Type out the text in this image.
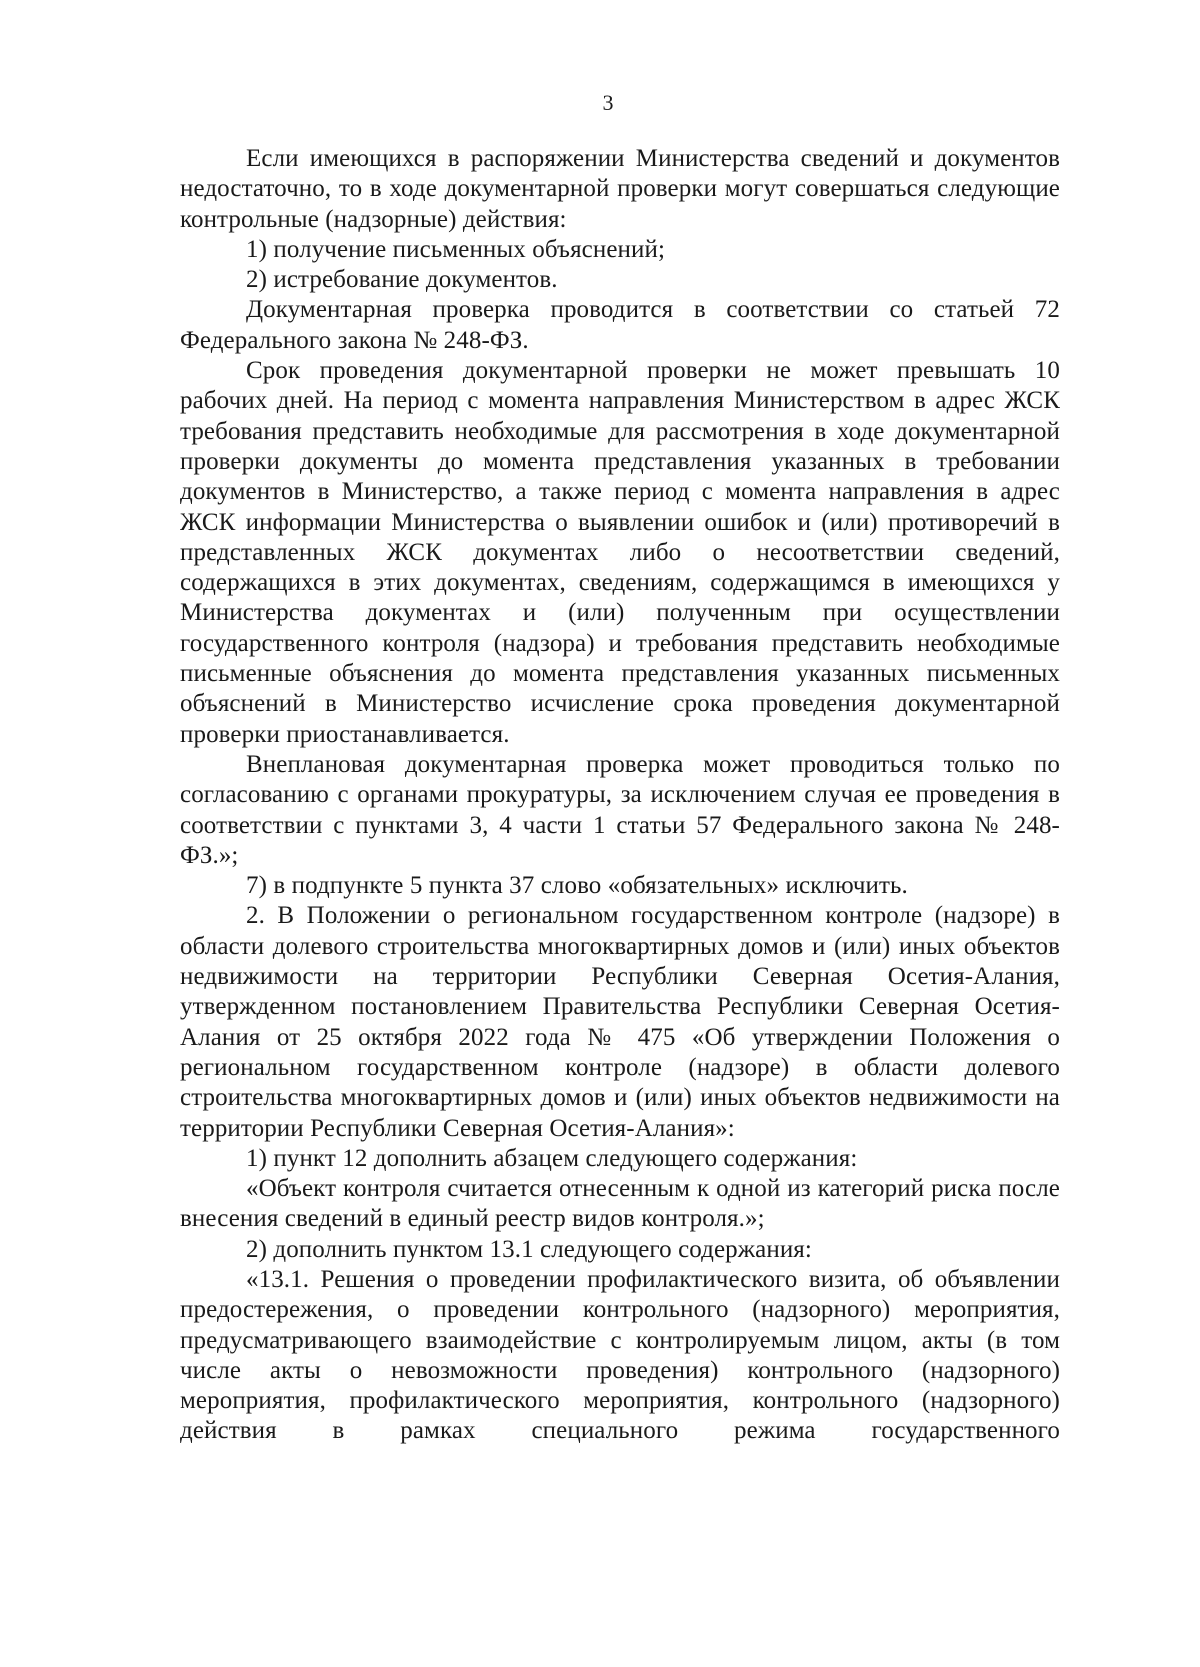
3

Если имеющихся в распоряжении Министерства сведений и документов недостаточно, то в ходе документарной проверки могут совершаться следующие контрольные (надзорные) действия:

1) получение письменных объяснений;

2) истребование документов.

Документарная проверка проводится в соответствии со статьей 72 Федерального закона № 248-ФЗ.

Срок проведения документарной проверки не может превышать 10 рабочих дней. На период с момента направления Министерством в адрес ЖСК требования представить необходимые для рассмотрения в ходе документарной проверки документы до момента представления указанных в требовании документов в Министерство, а также период с момента направления в адрес ЖСК информации Министерства о выявлении ошибок и (или) противоречий в представленных ЖСК документах либо о несоответствии сведений, содержащихся в этих документах, сведениям, содержащимся в имеющихся у Министерства документах и (или) полученным при осуществлении государственного контроля (надзора) и требования представить необходимые письменные объяснения до момента представления указанных письменных объяснений в Министерство исчисление срока проведения документарной проверки приостанавливается.

Внеплановая документарная проверка может проводиться только по согласованию с органами прокуратуры, за исключением случая ее проведения в соответствии с пунктами 3, 4 части 1 статьи 57 Федерального закона № 248-ФЗ.»;

7) в подпункте 5 пункта 37 слово «обязательных» исключить.

2. В Положении о региональном государственном контроле (надзоре) в области долевого строительства многоквартирных домов и (или) иных объектов недвижимости на территории Республики Северная Осетия-Алания, утвержденном постановлением Правительства Республики Северная Осетия-Алания от 25 октября 2022 года № 475 «Об утверждении Положения о региональном государственном контроле (надзоре) в области долевого строительства многоквартирных домов и (или) иных объектов недвижимости на территории Республики Северная Осетия-Алания»:

1) пункт 12 дополнить абзацем следующего содержания:

«Объект контроля считается отнесенным к одной из категорий риска после внесения сведений в единый реестр видов контроля.»;

2) дополнить пунктом 13.1 следующего содержания:

«13.1. Решения о проведении профилактического визита, об объявлении предостережения, о проведении контрольного (надзорного) мероприятия, предусматривающего взаимодействие с контролируемым лицом, акты (в том числе акты о невозможности проведения) контрольного (надзорного) мероприятия, профилактического мероприятия, контрольного (надзорного) действия в рамках специального режима государственного
